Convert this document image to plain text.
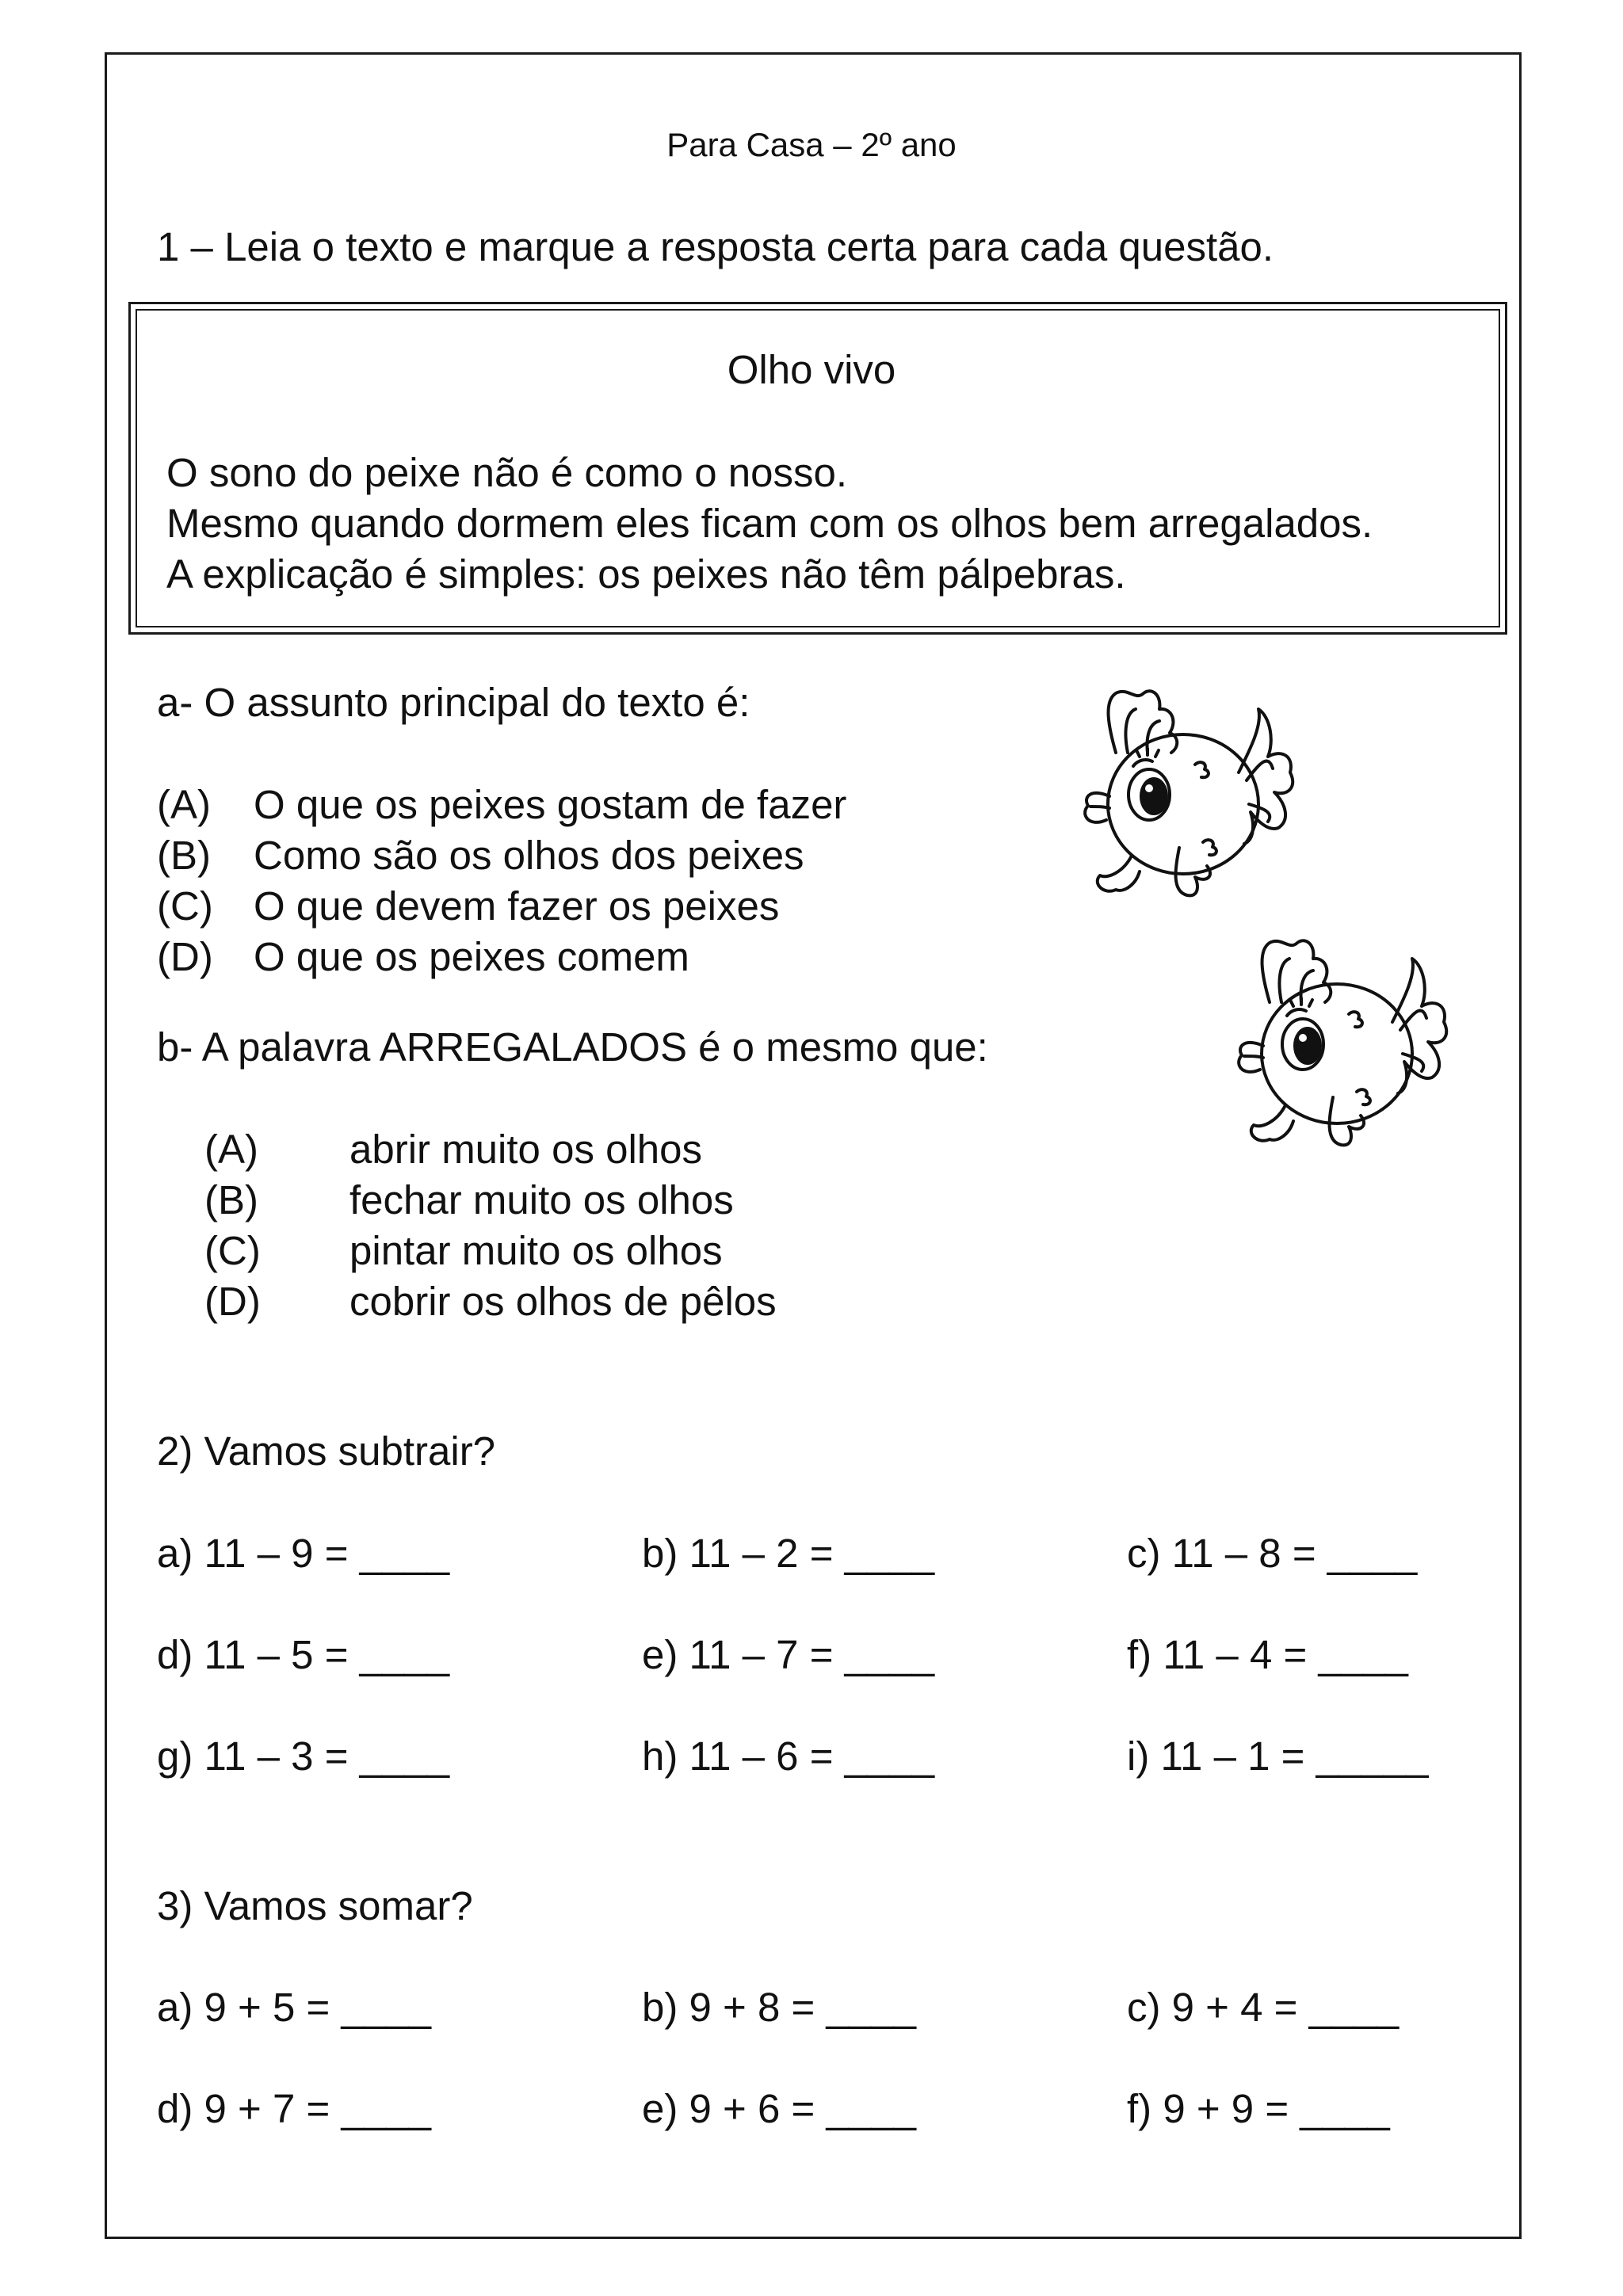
Para Casa – 2º ano
1 – Leia o texto e marque a resposta certa para cada questão.
Olho vivo
O sono do peixe não é como o nosso.
Mesmo quando dormem eles ficam com os olhos bem arregalados.
A explicação é simples: os peixes não têm pálpebras.
a- O assunto principal do texto é:
(A) O que os peixes gostam de fazer
(B) Como são os olhos dos peixes
(C) O que devem fazer os peixes
(D) O que os peixes comem
b- A palavra ARREGALADOS é o mesmo que:
(A) abrir muito os olhos
(B) fechar muito os olhos
(C) pintar muito os olhos
(D) cobrir os olhos de pêlos
2) Vamos subtrair?
a) 11 – 9 = ____	b) 11 – 2 = ____	c) 11 – 8 = ____
d) 11 – 5 = ____	e) 11 – 7 = ____	f) 11 – 4 = ____
g) 11 – 3 = ____	h) 11 – 6 = ____	i) 11 – 1 = _____
3) Vamos somar?
a) 9 + 5 = ____	b) 9 + 8 = ____	c) 9 + 4 = ____
d) 9 + 7 = ____	e) 9 + 6 = ____	f) 9 + 9 = ____
